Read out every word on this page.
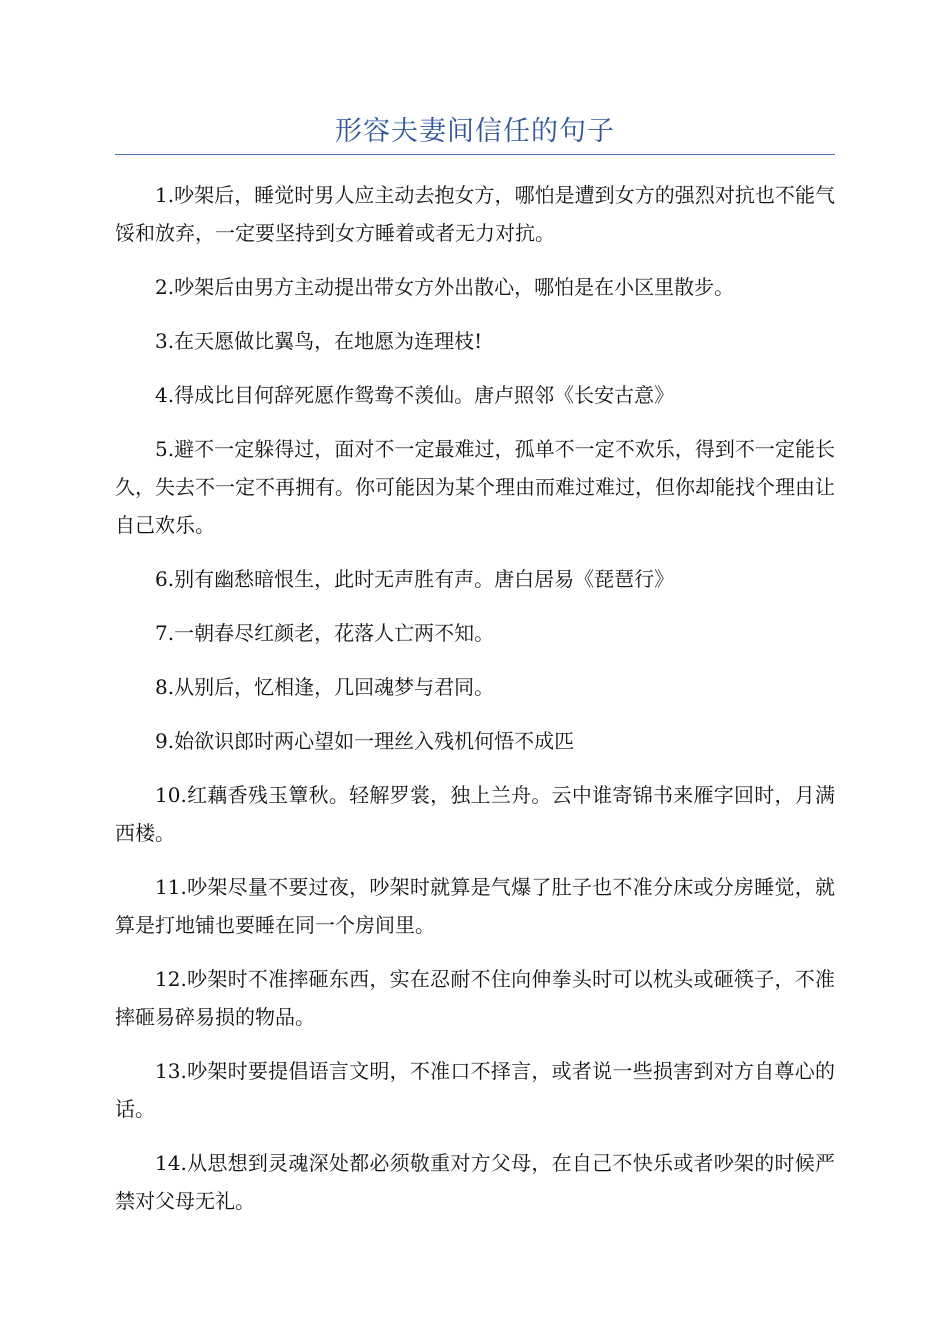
形容夫妻间信任的句子

1.吵架后，睡觉时男人应主动去抱女方，哪怕是遭到女方的强烈对抗也不能气馁和放弃，一定要坚持到女方睡着或者无力对抗。

2.吵架后由男方主动提出带女方外出散心，哪怕是在小区里散步。

3.在天愿做比翼鸟，在地愿为连理枝!

4.得成比目何辞死愿作鸳鸯不羡仙。唐卢照邻《长安古意》

5.避不一定躲得过，面对不一定最难过，孤单不一定不欢乐，得到不一定能长久，失去不一定不再拥有。你可能因为某个理由而难过难过，但你却能找个理由让自己欢乐。

6.别有幽愁暗恨生，此时无声胜有声。唐白居易《琵琶行》

7.一朝春尽红颜老，花落人亡两不知。

8.从别后，忆相逢，几回魂梦与君同。

9.始欲识郎时两心望如一理丝入残机何悟不成匹

10.红藕香残玉簟秋。轻解罗裳，独上兰舟。云中谁寄锦书来雁字回时，月满西楼。

11.吵架尽量不要过夜，吵架时就算是气爆了肚子也不准分床或分房睡觉，就算是打地铺也要睡在同一个房间里。

12.吵架时不准摔砸东西，实在忍耐不住向伸拳头时可以枕头或砸筷子，不准摔砸易碎易损的物品。

13.吵架时要提倡语言文明，不准口不择言，或者说一些损害到对方自尊心的话。

14.从思想到灵魂深处都必须敬重对方父母，在自己不快乐或者吵架的时候严禁对父母无礼。
